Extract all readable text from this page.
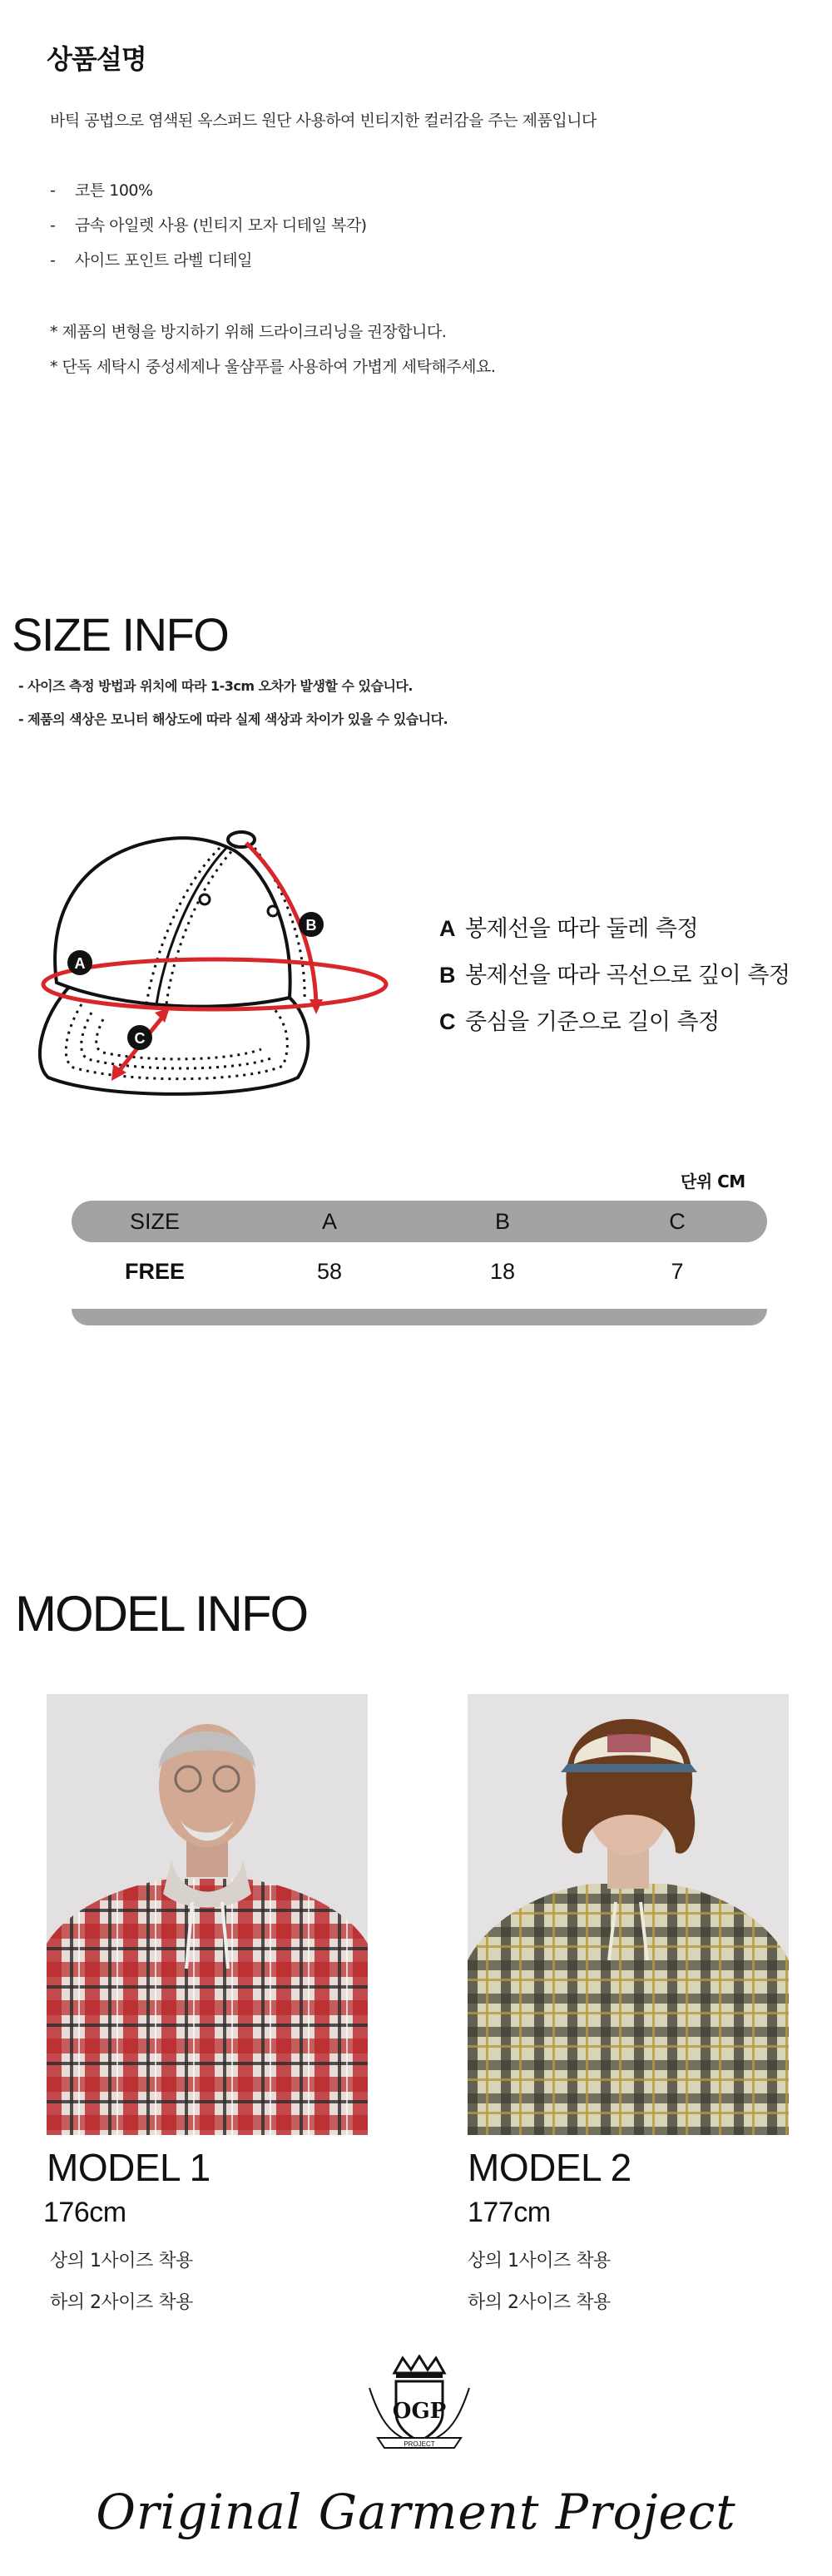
상품설명
바틱 공법으로 염색된 옥스퍼드 원단 사용하여 빈티지한 컬러감을 주는 제품입니다
- 코튼 100%
- 금속 아일렛 사용 (빈티지 모자 디테일 복각)
- 사이드 포인트 라벨 디테일
* 제품의 변형을 방지하기 위해 드라이크리닝을 권장합니다.
* 단독 세탁시 중성세제나 울샴푸를 사용하여 가볍게 세탁해주세요.
SIZE INFO
- 사이즈 측정 방법과 위치에 따라 1-3cm 오차가 발생할 수 있습니다.
- 제품의 색상은 모니터 해상도에 따라 실제 색상과 차이가 있을 수 있습니다.
A
B
C
A 봉제선을 따라 둘레 측정
B 봉제선을 따라 곡선으로 깊이 측정
C 중심을 기준으로 길이 측정
단위 CM
SIZE	A	B	C
FREE	58	18	7
MODEL INFO
MODEL 1
176cm
상의 1사이즈 착용
하의 2사이즈 착용
MODEL 2
177cm
상의 1사이즈 착용
하의 2사이즈 착용
OGP
PROJECT
Original Garment Project
